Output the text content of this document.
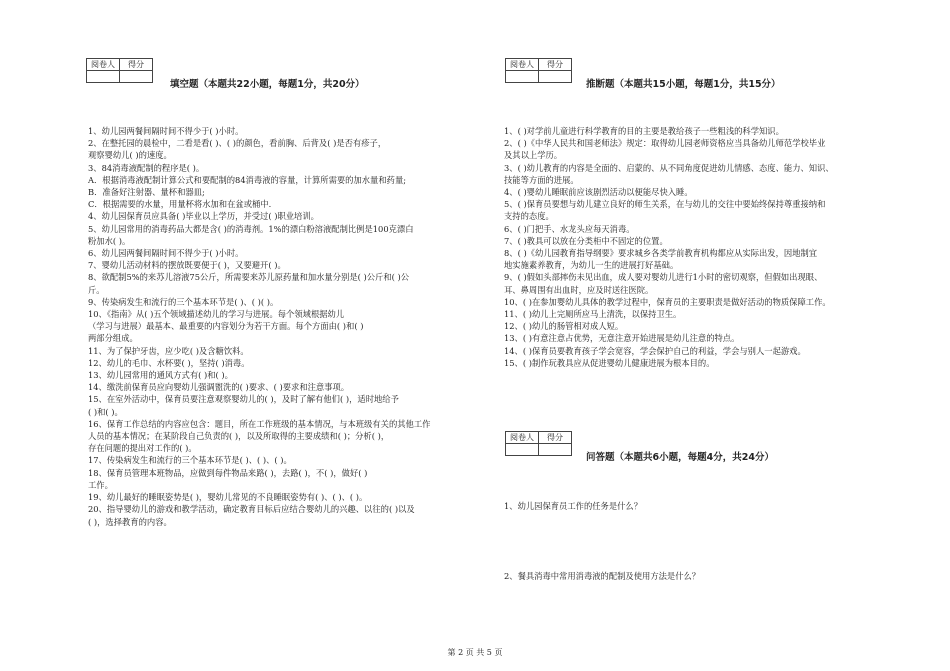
阅卷人	得分
		阅卷人	得分

阅卷人	得分

填空题（本题共22小题，每题1分，共20分）	推断题（本题共15小题，每题1分，共15分）
问答题（本题共6小题，每题4分，共24分）

1、幼儿园两餐间隔时间不得少于( )小时。

2、在整托园的晨检中，二看是看( )、( )的颜色，看前胸、后背及( )是否有疹子，

观察婴幼儿( )的速度。

3、84消毒液配制的程序是( )。

A．根据消毒液配制计算公式和要配制的84消毒液的容量，计算所需要的加水量和药量;

B．准备好注射器、量杯和器皿;

C．根据需要的水量，用量杯将水加和在盆或桶中.

4、幼儿园保育员应具备( )毕业以上学历，并受过( )职业培训。

5、幼儿园常用的消毒药品大都是含( )的消毒剂。1%的漂白粉溶液配制比例是100克漂白

粉加水( )。

6、幼儿园两餐间隔时间不得少于( )小时。

7、婴幼儿活动材料的摆放既要便于( )，又要避开( )。

8、欲配制5%的来苏儿溶液75公斤，所需要来苏儿原药量和加水量分别是( )公斤和( )公

斤。

9、传染病发生和流行的三个基本环节是( )、( )( )。

10、《指南》从( )五个领域描述幼儿的学习与进展。每个领域根据幼儿

（学习与进展）最基本、最重要的内容划分为若干方面。每个方面由( )和( )

两部分组成。

11、为了保护牙齿，应少吃( )及含糖饮料。

12、幼儿的毛巾、水杯要( )，坚持( )消毒。

13、幼儿园常用的通风方式有( )和( )。

14、缴洗前保育员应向婴幼儿强调盥洗的( )要求、( )要求和注意事项。

15、在室外活动中，保育员要注意观察婴幼儿的( )，及时了解有他们( )，适时地给予

( )和( )。

16、保育工作总结的内容应包含：题目，所在工作班级的基本情况，与本班级有关的其他工作

人员的基本情况；在某阶段自己负责的( )，以及所取得的主要成绩和( )；分析( )，

存在问题的提出对工作的( )。

17、传染病发生和流行的三个基本环节是( )、( )、( )。

18、保育员管理本班物品，应做到每件物品来路( )，去路( )，不( )，做好( )

工作。

19、幼儿最好的睡眠姿势是( )，婴幼儿常见的不良睡眠姿势有( )、( )、( )。

20、指导婴幼儿的游戏和教学活动，确定教育目标后应结合婴幼儿的兴趣、以往的( )以及

( )，选择教育的内容。

1、( )对学前儿童进行科学教育的目的主要是教给孩子一些粗浅的科学知识。

2、( )《中华人民共和国老师法》规定：取得幼儿园老师资格应当具备幼儿师范学校毕业

及其以上学历。

3、( )幼儿教育的内容是全面的、启蒙的、从不同角度促进幼儿情感、态度、能力、知识、

技能等方面的进展。

4、( )婴幼儿睡眠前应该剧烈活动以便能尽快入睡。

5、( )保育员要想与幼儿建立良好的师生关系，在与幼儿的交往中要始终保持尊重接纳和

支持的态度。

6、( )门把手、水龙头应每天消毒。

7、( )教具可以放在分类柜中不固定的位置。

8、( )《幼儿园教育指导纲要》要求城乡各类学前教育机构都应从实际出发，因地制宜

地实施素养教育，为幼儿一生的进展打好基础。

9、( )假如头部摔伤未见出血，成人要对婴幼儿进行1小时的密切观察，但假如出现眼、

耳、鼻周围有出血时，应及时送往医院。

10、( )在参加婴幼儿具体的教学过程中，保育员的主要职责是做好活动的物质保障工作。

11、( )幼儿上完厕所应马上清洗，以保持卫生。

12、( )幼儿的肠管相对成人短。

13、( )有意注意占优势，无意注意开始进展是幼儿注意的特点。

14、( )保育员要教育孩子学会宽容，学会保护自己的利益，学会与别人一起游戏。

15、( )制作玩教具应从促进婴幼儿健康进展为根本目的。

1、幼儿园保育员工作的任务是什么？
2、餐具消毒中常用消毒液的配制及使用方法是什么？
第 2 页 共 5 页
